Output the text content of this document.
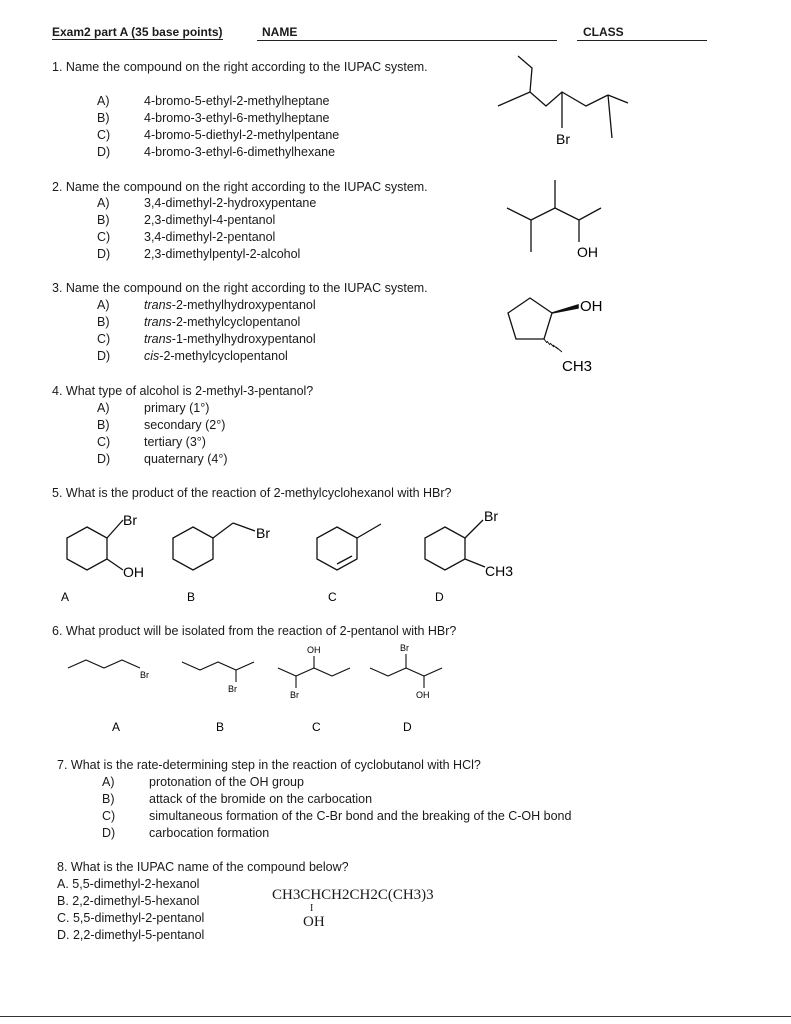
Exam2 part A (35 base points)	NAME	CLASS
1. Name the compound on the right according to the IUPAC system.
A)	4-bromo-5-ethyl-2-methylheptane
B)	4-bromo-3-ethyl-6-methylheptane
C)	4-bromo-5-diethyl-2-methylpentane
D)	4-bromo-3-ethyl-6-dimethylhexane
Br
2. Name the compound on the right according to the IUPAC system.
A)	3,4-dimethyl-2-hydroxypentane
B)	2,3-dimethyl-4-pentanol
C)	3,4-dimethyl-2-pentanol
D)	2,3-dimethylpentyl-2-alcohol	OH
3. Name the compound on the right according to the IUPAC system.
A)	trans-2-methylhydroxypentanol
B)	trans-2-methylcyclopentanol
C)	trans-1-methylhydroxypentanol
D)	cis-2-methylcyclopentanol
OH
CH3
4. What type of alcohol is 2-methyl-3-pentanol?
A)	primary (1°)
B)	secondary (2°)
C)	tertiary (3°)
D)	quaternary (4°)
5. What is the product of the reaction of 2-methylcyclohexanol with HBr?
Br
OH
Br
Br
CH3
A	B	C	D
6. What product will be isolated from the reaction of 2-pentanol with HBr?
Br
Br
OH
Br
Br
OH
A	B	C	D
7. What is the rate-determining step in the reaction of cyclobutanol with HCl?
A)	protonation of the OH group
B)	attack of the bromide on the carbocation
C)	simultaneous formation of the C-Br bond and the breaking of the C-OH bond
D)	carbocation formation
8. What is the IUPAC name of the compound below?
A. 5,5-dimethyl-2-hexanol
B. 2,2-dimethyl-5-hexanol
C. 5,5-dimethyl-2-pentanol
D. 2,2-dimethyl-5-pentanol
CH3CHCH2CH2C(CH3)3
I
OH
